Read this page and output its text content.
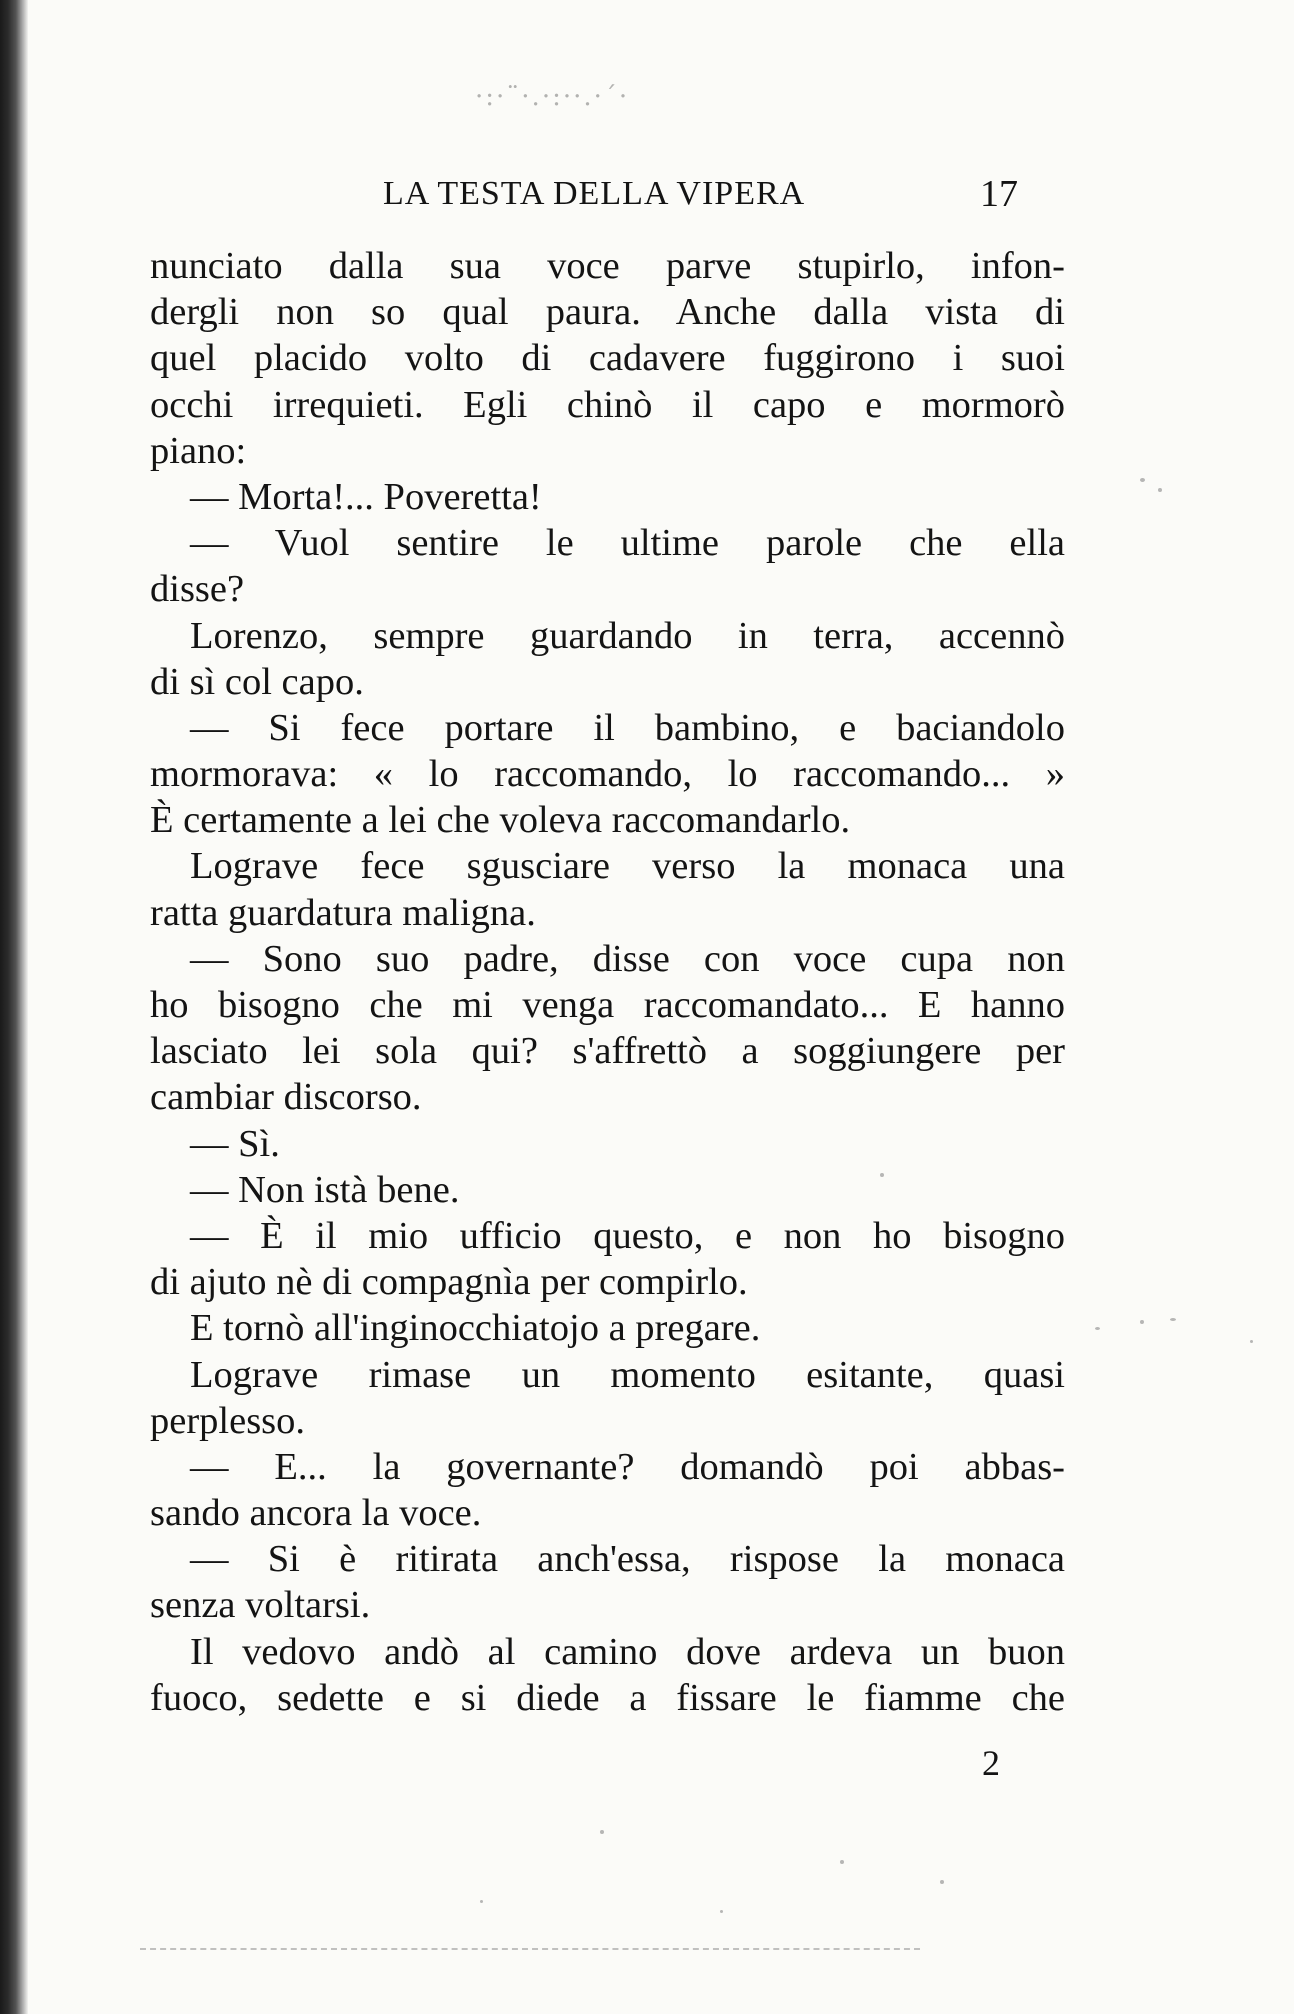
·:·¨·.·:··.·´·
LA TESTA DELLA VIPERA	17
nunciato dalla sua voce parve stupirlo, infon-
dergli non so qual paura. Anche dalla vista di
quel placido volto di cadavere fuggirono i suoi
occhi irrequieti. Egli chinò il capo e mormorò
piano:
— Morta!... Poveretta!
— Vuol sentire le ultime parole che ella
disse?
Lorenzo, sempre guardando in terra, accennò
di sì col capo.
— Si fece portare il bambino, e baciandolo
mormorava: « lo raccomando, lo raccomando... »
È certamente a lei che voleva raccomandarlo.
Lograve fece sgusciare verso la monaca una
ratta guardatura maligna.
— Sono suo padre, disse con voce cupa non
ho bisogno che mi venga raccomandato... E hanno
lasciato lei sola qui? s'affrettò a soggiungere per
cambiar discorso.
— Sì.
— Non istà bene.
— È il mio ufficio questo, e non ho bisogno
di ajuto nè di compagnìa per compirlo.
E tornò all'inginocchiatojo a pregare.
Lograve rimase un momento esitante, quasi
perplesso.
— E... la governante? domandò poi abbas-
sando ancora la voce.
— Si è ritirata anch'essa, rispose la monaca
senza voltarsi.
Il vedovo andò al camino dove ardeva un buon
fuoco, sedette e si diede a fissare le fiamme che
2
